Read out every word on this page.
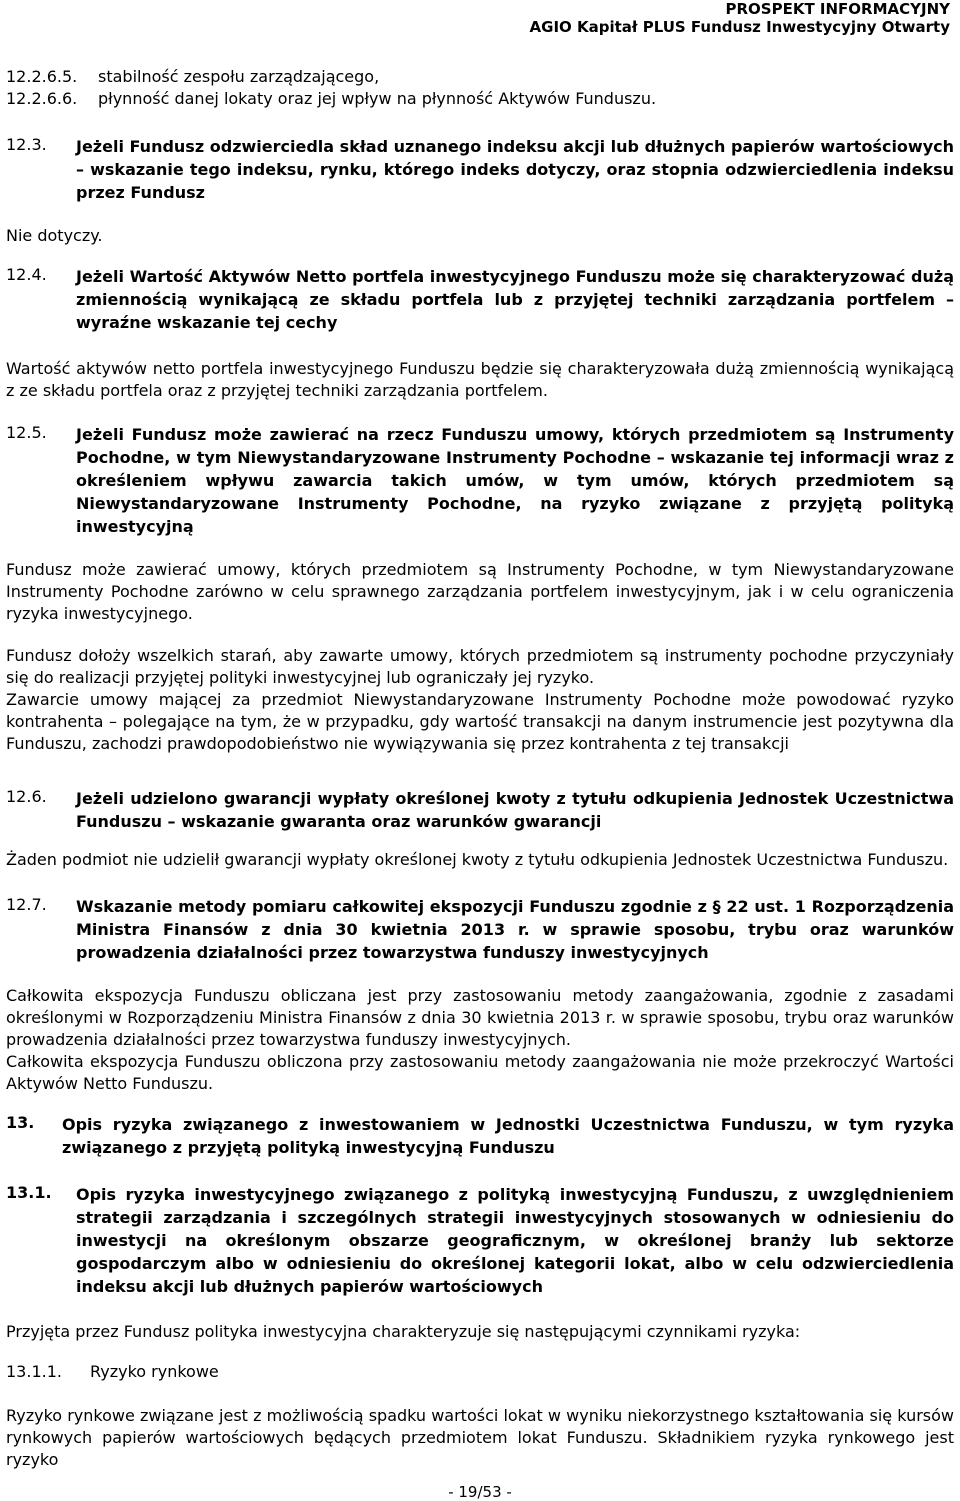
PROSPEKT INFORMACYJNY
AGIO Kapitał PLUS Fundusz Inwestycyjny Otwarty
12.2.6.5.	stabilność zespołu zarządzającego,
12.2.6.6.	płynność danej lokaty oraz jej wpływ na płynność Aktywów Funduszu.
12.3.	Jeżeli Fundusz odzwierciedla skład uznanego indeksu akcji lub dłużnych papierów wartościowych – wskazanie tego indeksu, rynku, którego indeks dotyczy, oraz stopnia odzwierciedlenia indeksu przez Fundusz
Nie dotyczy.
12.4.	Jeżeli Wartość Aktywów Netto portfela inwestycyjnego Funduszu może się charakteryzować dużą zmiennością wynikającą ze składu portfela lub z przyjętej techniki zarządzania portfelem – wyraźne wskazanie tej cechy
Wartość aktywów netto portfela inwestycyjnego Funduszu będzie się charakteryzowała dużą zmiennością wynikającą z ze składu portfela oraz z przyjętej techniki zarządzania portfelem.
12.5.	Jeżeli Fundusz może zawierać na rzecz Funduszu umowy, których przedmiotem są Instrumenty Pochodne, w tym Niewystandaryzowane Instrumenty Pochodne – wskazanie tej informacji wraz z określeniem wpływu zawarcia takich umów, w tym umów, których przedmiotem są Niewystandaryzowane Instrumenty Pochodne, na ryzyko związane z przyjętą polityką inwestycyjną
Fundusz może zawierać umowy, których przedmiotem są Instrumenty Pochodne, w tym Niewystandaryzowane Instrumenty Pochodne zarówno w celu sprawnego zarządzania portfelem inwestycyjnym, jak i w celu ograniczenia ryzyka inwestycyjnego.
Fundusz dołoży wszelkich starań, aby zawarte umowy, których przedmiotem są instrumenty pochodne przyczyniały się do realizacji przyjętej polityki inwestycyjnej lub ograniczały jej ryzyko.
Zawarcie umowy mającej za przedmiot Niewystandaryzowane Instrumenty Pochodne może powodować ryzyko kontrahenta – polegające na tym, że w przypadku, gdy wartość transakcji na danym instrumencie jest pozytywna dla Funduszu, zachodzi prawdopodobieństwo nie wywiązywania się przez kontrahenta z tej transakcji
12.6.	Jeżeli udzielono gwarancji wypłaty określonej kwoty z tytułu odkupienia Jednostek Uczestnictwa Funduszu – wskazanie gwaranta oraz warunków gwarancji
Żaden podmiot nie udzielił gwarancji wypłaty określonej kwoty z tytułu odkupienia Jednostek Uczestnictwa Funduszu.
12.7.	Wskazanie metody pomiaru całkowitej ekspozycji Funduszu zgodnie z § 22 ust. 1 Rozporządzenia Ministra Finansów z dnia 30 kwietnia 2013 r. w sprawie sposobu, trybu oraz warunków prowadzenia działalności przez towarzystwa funduszy inwestycyjnych
Całkowita ekspozycja Funduszu obliczana jest przy zastosowaniu metody zaangażowania, zgodnie z zasadami określonymi w Rozporządzeniu Ministra Finansów z dnia 30 kwietnia 2013 r. w sprawie sposobu, trybu oraz warunków prowadzenia działalności przez towarzystwa funduszy inwestycyjnych.
Całkowita ekspozycja Funduszu obliczona przy zastosowaniu metody zaangażowania nie może przekroczyć Wartości Aktywów Netto Funduszu.
13.	Opis ryzyka związanego z inwestowaniem w Jednostki Uczestnictwa Funduszu, w tym ryzyka związanego z przyjętą polityką inwestycyjną Funduszu
13.1.	Opis ryzyka inwestycyjnego związanego z polityką inwestycyjną Funduszu, z uwzględnieniem strategii zarządzania i szczególnych strategii inwestycyjnych stosowanych w odniesieniu do inwestycji na określonym obszarze geograficznym, w określonej branży lub sektorze gospodarczym albo w odniesieniu do określonej kategorii lokat, albo w celu odzwierciedlenia indeksu akcji lub dłużnych papierów wartościowych
Przyjęta przez Fundusz polityka inwestycyjna charakteryzuje się następującymi czynnikami ryzyka:
13.1.1.	Ryzyko rynkowe
Ryzyko rynkowe związane jest z możliwością spadku wartości lokat w wyniku niekorzystnego kształtowania się kursów rynkowych papierów wartościowych będących przedmiotem lokat Funduszu. Składnikiem ryzyka rynkowego jest ryzyko
- 19/53 -
